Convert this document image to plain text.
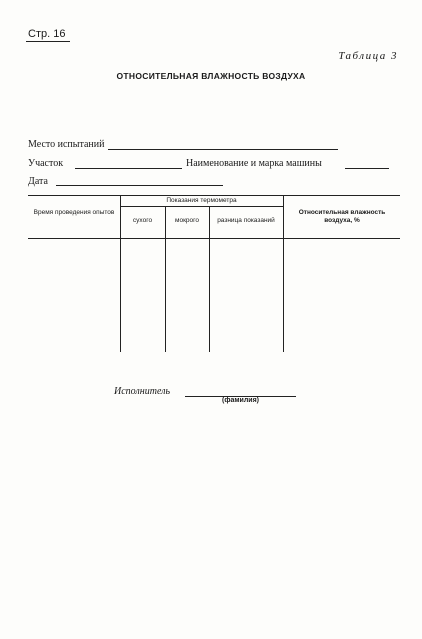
Стр. 16
Таблица 3
ОТНОСИТЕЛЬНАЯ ВЛАЖНОСТЬ ВОЗДУХА
Место испытаний
Участок	Наименование и марка машины
Дата
Время проведения опытов
Показания термометра
сухого	мокрого	разница показаний
Относительная влажность воздуха, %
Исполнитель
(фамилия)
